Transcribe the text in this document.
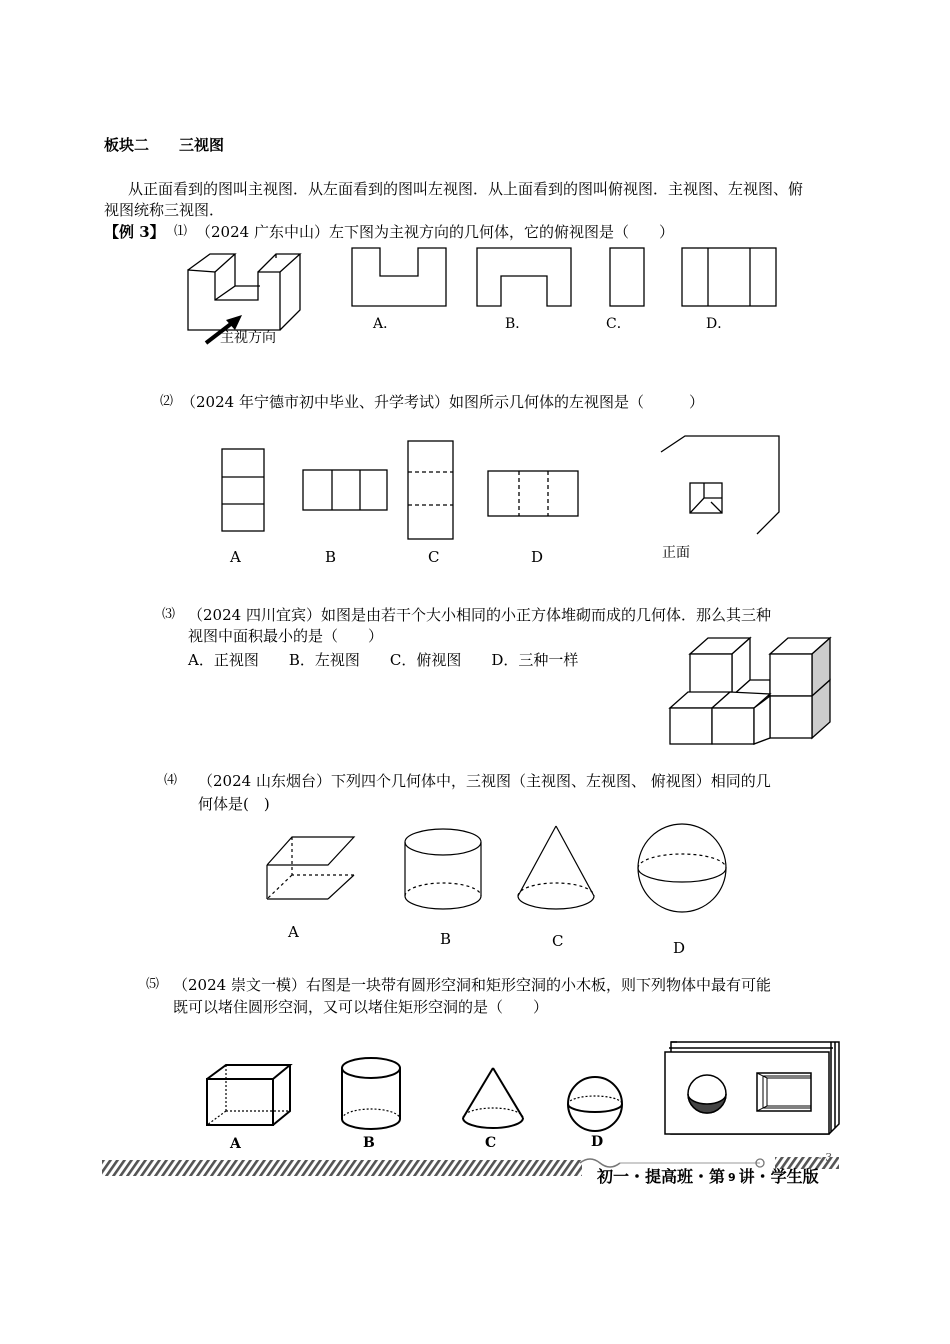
板块二 三视图
从正面看到的图叫主视图．从左面看到的图叫左视图．从上面看到的图叫俯视图．主视图、左视图、俯
视图统称三视图．
【例 3】 ⑴ （2024 广东中山）左下图为主视方向的几何体，它的俯视图是（　　）
主视方向
A．	B．	C．	D．
⑵ （2024 年宁德市初中毕业、升学考试）如图所示几何体的左视图是（　　　）
A	B	C	D	正面
⑶ （2024 四川宜宾）如图是由若干个大小相同的小正方体堆砌而成的几何体．那么其三种
视图中面积最小的是（　　）
A．正视图　　B．左视图　　C．俯视图　　D．三种一样
⑷ （2024 山东烟台）下列四个几何体中，三视图（主视图、左视图、 俯视图）相同的几
何体是(　)
A	B	C	D
⑸ （2024 崇文一模）右图是一块带有圆形空洞和矩形空洞的小木板，则下列物体中最有可能
既可以堵住圆形空洞，又可以堵住矩形空洞的是（　　）
A	B	C	D
- 3 -
初一・提高班・第 9 讲・学生版
